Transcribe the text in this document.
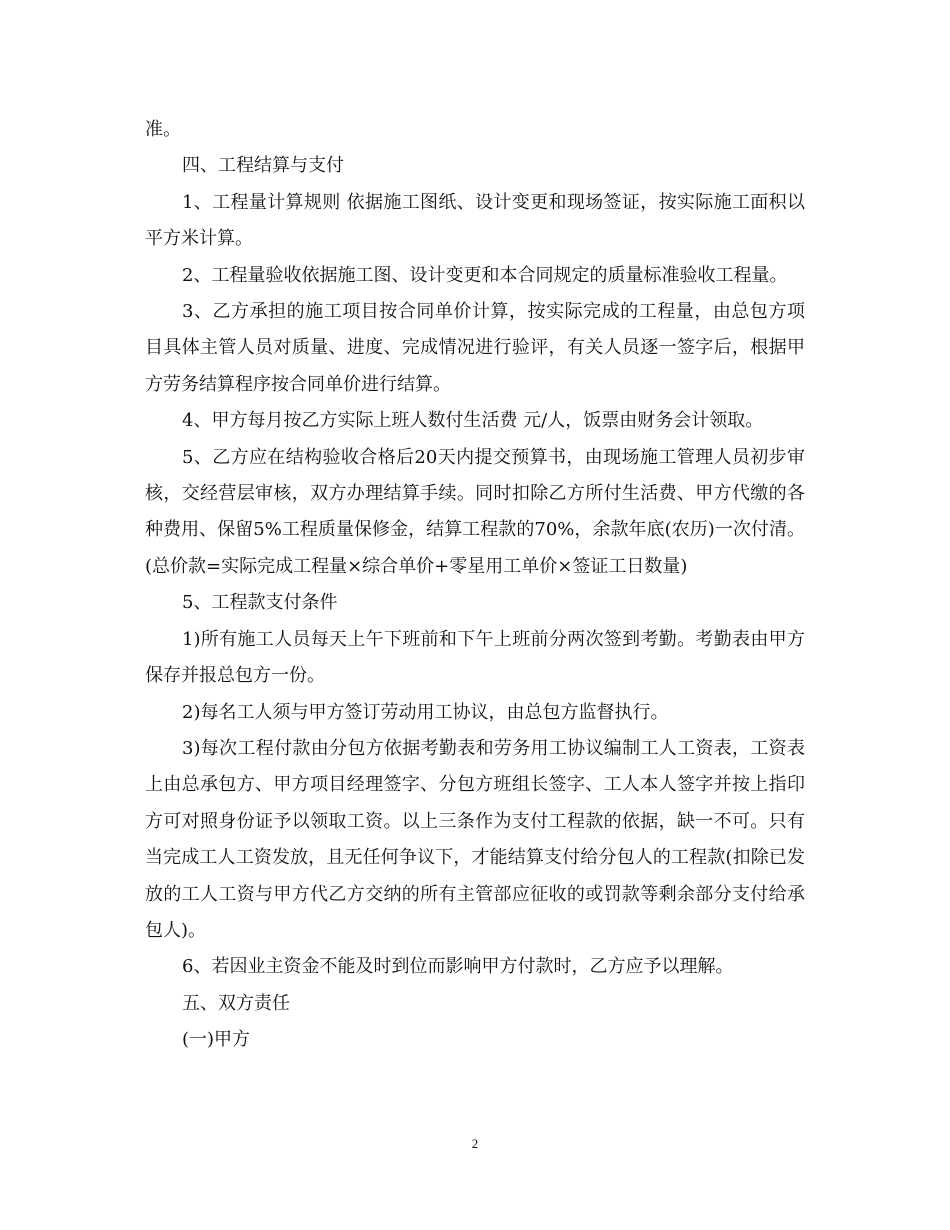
准。

四、工程结算与支付

1、工程量计算规则 依据施工图纸、设计变更和现场签证，按实际施工面积以平方米计算。

2、工程量验收依据施工图、设计变更和本合同规定的质量标准验收工程量。

3、乙方承担的施工项目按合同单价计算，按实际完成的工程量，由总包方项目具体主管人员对质量、进度、完成情况进行验评，有关人员逐一签字后，根据甲方劳务结算程序按合同单价进行结算。

4、甲方每月按乙方实际上班人数付生活费 元/人，饭票由财务会计领取。

5、乙方应在结构验收合格后20天内提交预算书，由现场施工管理人员初步审核，交经营层审核，双方办理结算手续。同时扣除乙方所付生活费、甲方代缴的各种费用、保留5%工程质量保修金，结算工程款的70%，余款年底(农历)一次付清。(总价款=实际完成工程量×综合单价+零星用工单价×签证工日数量)

5、工程款支付条件

1)所有施工人员每天上午下班前和下午上班前分两次签到考勤。考勤表由甲方保存并报总包方一份。

2)每名工人须与甲方签订劳动用工协议，由总包方监督执行。

3)每次工程付款由分包方依据考勤表和劳务用工协议编制工人工资表，工资表上由总承包方、甲方项目经理签字、分包方班组长签字、工人本人签字并按上指印方可对照身份证予以领取工资。以上三条作为支付工程款的依据，缺一不可。只有当完成工人工资发放，且无任何争议下，才能结算支付给分包人的工程款(扣除已发放的工人工资与甲方代乙方交纳的所有主管部应征收的或罚款等剩余部分支付给承包人)。

6、若因业主资金不能及时到位而影响甲方付款时，乙方应予以理解。

五、双方责任

(一)甲方

2
